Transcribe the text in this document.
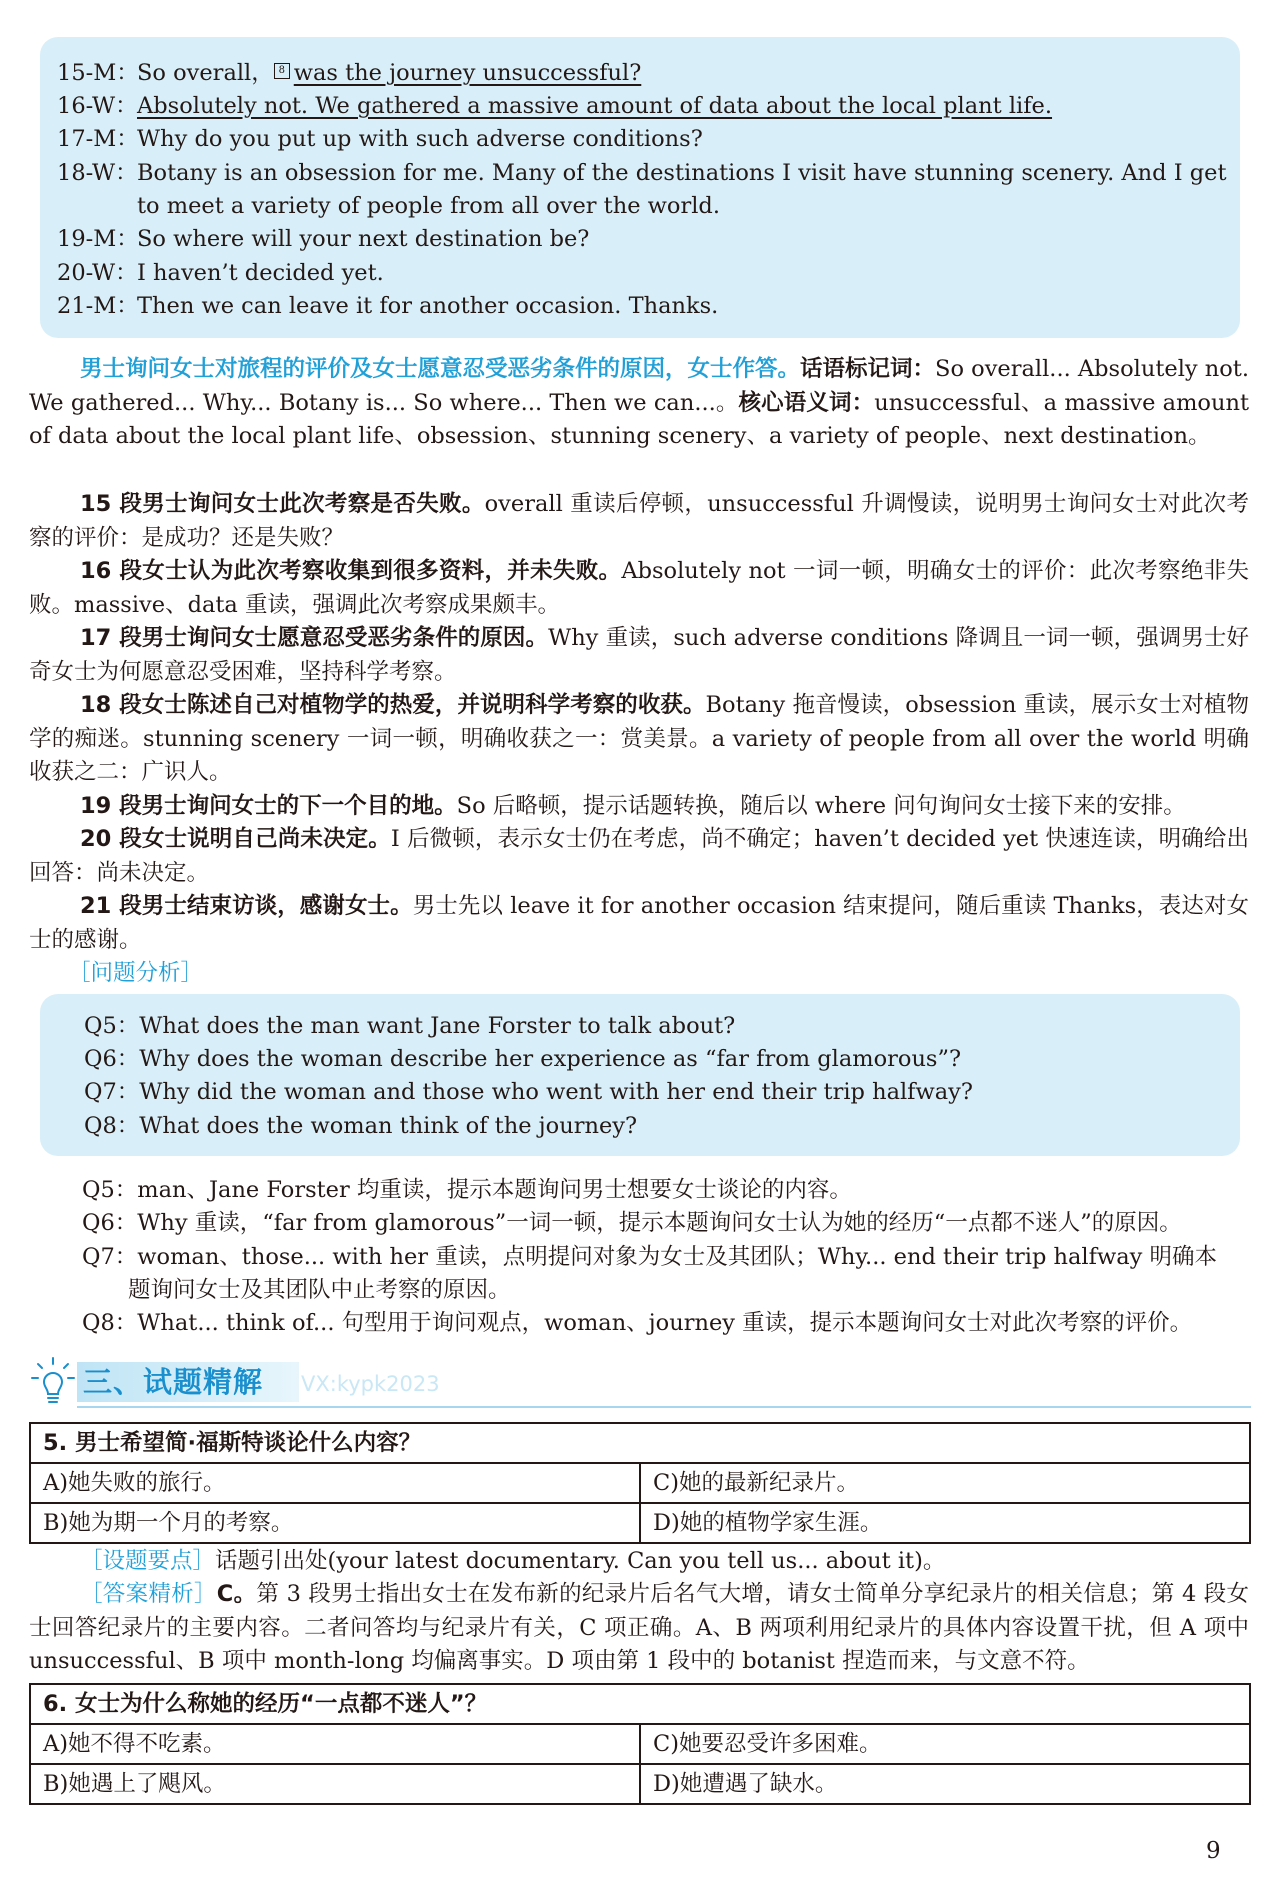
15-M：So overall， 8 was the journey unsuccessful?
16-W：Absolutely not. We gathered a massive amount of data about the local plant life.
17-M：Why do you put up with such adverse conditions?
18-W：Botany is an obsession for me. Many of the destinations I visit have stunning scenery. And I get
to meet a variety of people from all over the world.
19-M：So where will your next destination be?
20-W：I haven’t decided yet.
21-M：Then we can leave it for another occasion. Thanks.
男士询问女士对旅程的评价及女士愿意忍受恶劣条件的原因，女士作答。话语标记词：So overall... Absolutely not. We gathered... Why... Botany is... So where... Then we can...。核心语义词：unsuccessful、a massive amount of data about the local plant life、obsession、stunning scenery、a variety of people、next destination。
15 段男士询问女士此次考察是否失败。overall 重读后停顿，unsuccessful 升调慢读，说明男士询问女士对此次考察的评价：是成功？还是失败？
16 段女士认为此次考察收集到很多资料，并未失败。Absolutely not 一词一顿，明确女士的评价：此次考察绝非失败。massive、data 重读，强调此次考察成果颇丰。
17 段男士询问女士愿意忍受恶劣条件的原因。Why 重读，such adverse conditions 降调且一词一顿，强调男士好奇女士为何愿意忍受困难，坚持科学考察。
18 段女士陈述自己对植物学的热爱，并说明科学考察的收获。Botany 拖音慢读，obsession 重读，展示女士对植物学的痴迷。stunning scenery 一词一顿，明确收获之一：赏美景。a variety of people from all over the world 明确收获之二：广识人。
19 段男士询问女士的下一个目的地。So 后略顿，提示话题转换，随后以 where 问句询问女士接下来的安排。
20 段女士说明自己尚未决定。I 后微顿，表示女士仍在考虑，尚不确定；haven’t decided yet 快速连读，明确给出回答：尚未决定。
21 段男士结束访谈，感谢女士。男士先以 leave it for another occasion 结束提问，随后重读 Thanks，表达对女士的感谢。
［问题分析］
Q5：What does the man want Jane Forster to talk about?
Q6：Why does the woman describe her experience as “far from glamorous”?
Q7：Why did the woman and those who went with her end their trip halfway?
Q8：What does the woman think of the journey?
Q5：man、Jane Forster 均重读，提示本题询问男士想要女士谈论的内容。
Q6：Why 重读，“far from glamorous”一词一顿，提示本题询问女士认为她的经历“一点都不迷人”的原因。
Q7：woman、those... with her 重读，点明提问对象为女士及其团队；Why... end their trip halfway 明确本
题询问女士及其团队中止考察的原因。
Q8：What... think of... 句型用于询问观点，woman、journey 重读，提示本题询问女士对此次考察的评价。
三、试题精解	VX:kypk2023
5. 男士希望简·福斯特谈论什么内容？	
A)她失败的旅行。	C)她的最新纪录片。
B)她为期一个月的考察。	D)她的植物学家生涯。
［设题要点］话题引出处(your latest documentary. Can you tell us... about it)。
［答案精析］C。第 3 段男士指出女士在发布新的纪录片后名气大增，请女士简单分享纪录片的相关信息；第 4 段女士回答纪录片的主要内容。二者问答均与纪录片有关，C 项正确。A、B 两项利用纪录片的具体内容设置干扰，但 A 项中 unsuccessful、B 项中 month-long 均偏离事实。D 项由第 1 段中的 botanist 捏造而来，与文意不符。
6. 女士为什么称她的经历“一点都不迷人”？	
A)她不得不吃素。	C)她要忍受许多困难。
B)她遇上了飓风。	D)她遭遇了缺水。
9
